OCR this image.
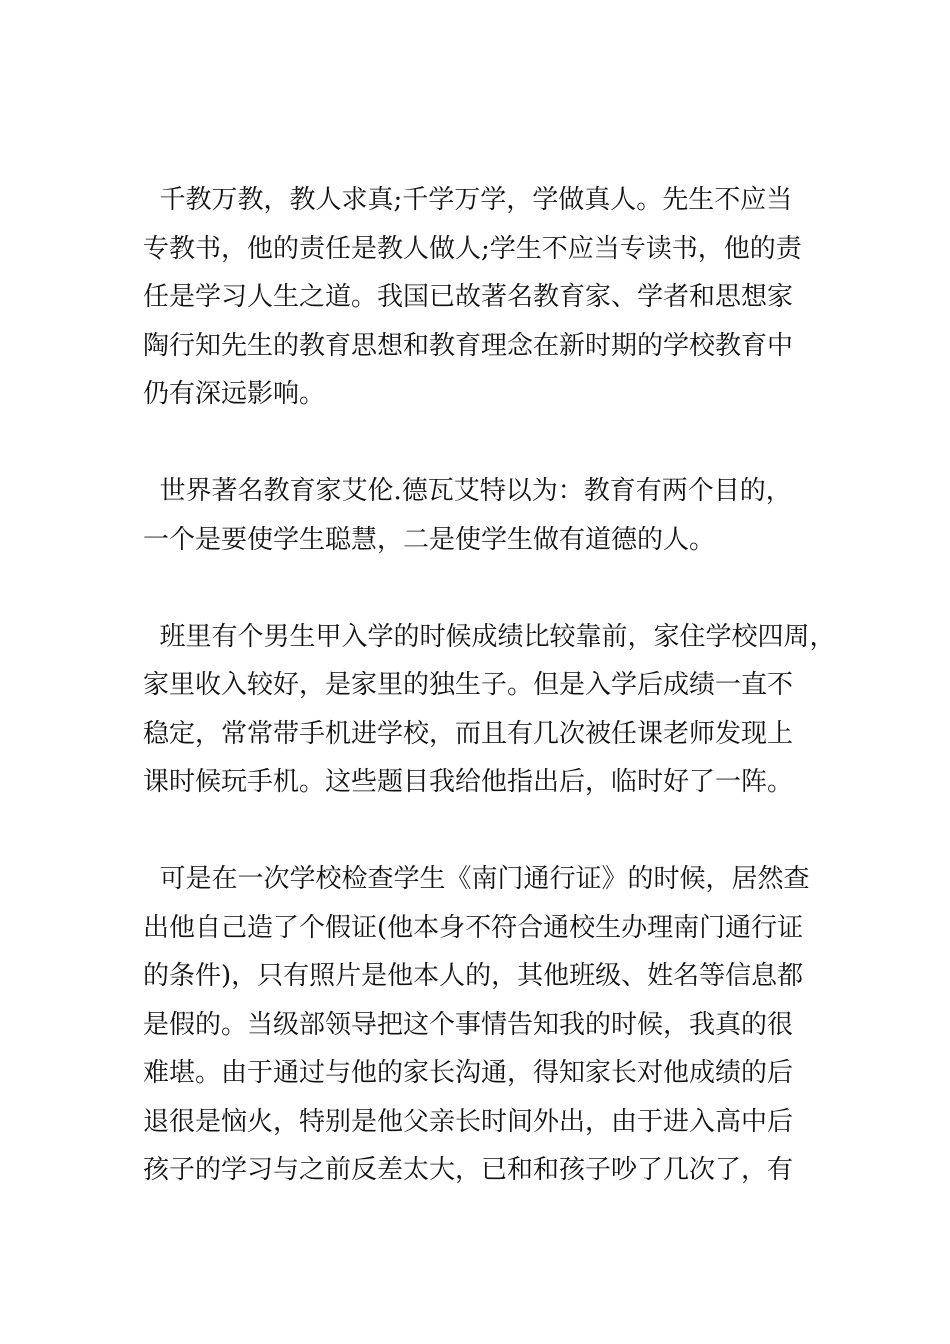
千教万教，教人求真;千学万学，学做真人。先生不应当
专教书，他的责任是教人做人;学生不应当专读书，他的责
任是学习人生之道。我国已故著名教育家、学者和思想家
陶行知先生的教育思想和教育理念在新时期的学校教育中
仍有深远影响。
世界著名教育家艾伦.德瓦艾特以为：教育有两个目的，
一个是要使学生聪慧，二是使学生做有道德的人。
班里有个男生甲入学的时候成绩比较靠前，家住学校四周，
家里收入较好，是家里的独生子。但是入学后成绩一直不
稳定，常常带手机进学校，而且有几次被任课老师发现上
课时候玩手机。这些题目我给他指出后，临时好了一阵。
可是在一次学校检查学生《南门通行证》的时候，居然查
出他自己造了个假证(他本身不符合通校生办理南门通行证
的条件)，只有照片是他本人的，其他班级、姓名等信息都
是假的。当级部领导把这个事情告知我的时候，我真的很
难堪。由于通过与他的家长沟通，得知家长对他成绩的后
退很是恼火，特别是他父亲长时间外出，由于进入高中后
孩子的学习与之前反差太大，已和和孩子吵了几次了，有
